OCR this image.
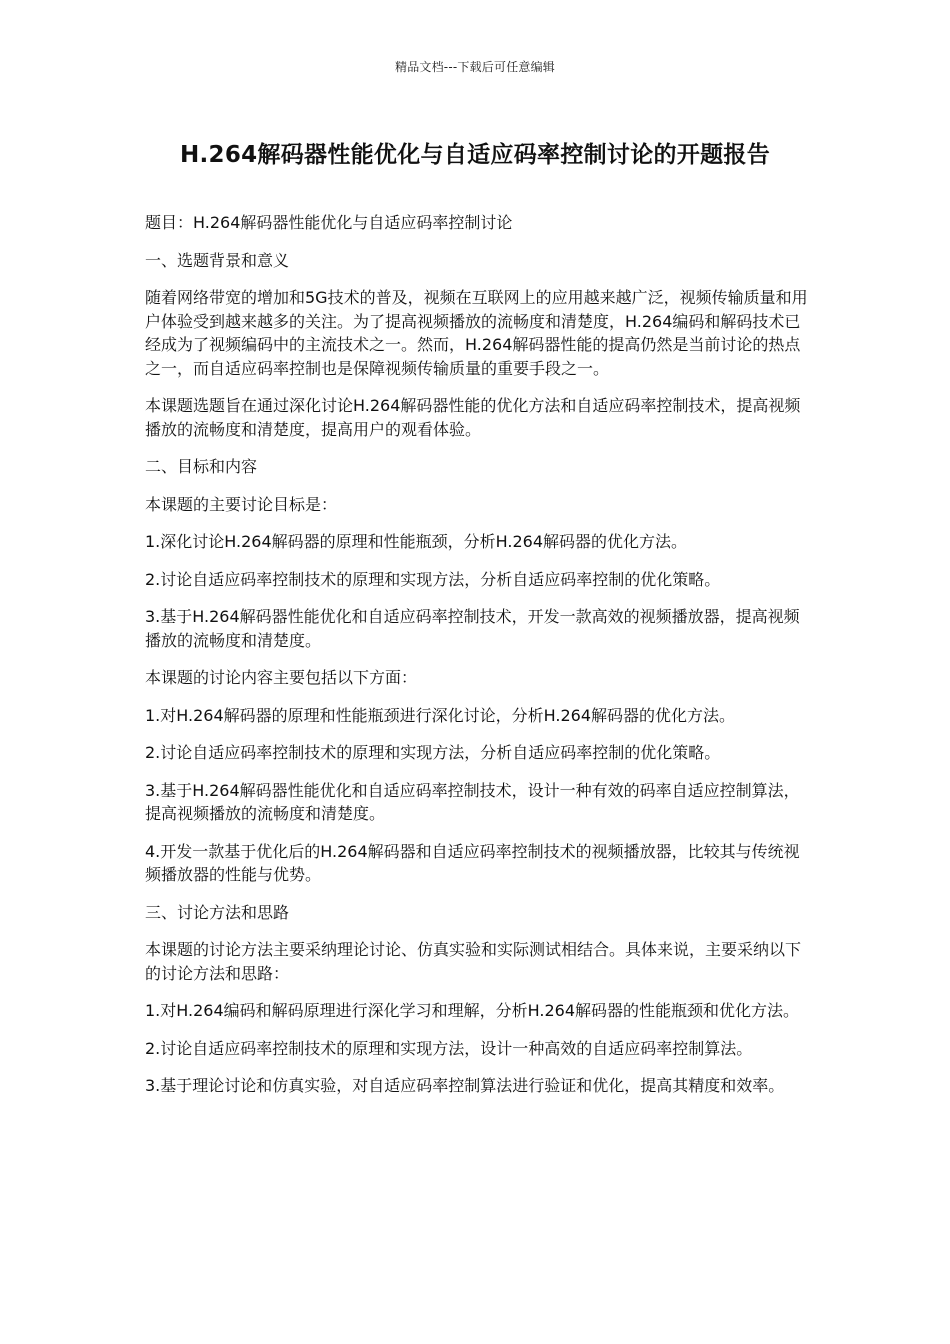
精品文档---下载后可任意编辑
H.264解码器性能优化与自适应码率控制讨论的开题报告

题目：H.264解码器性能优化与自适应码率控制讨论

一、选题背景和意义

随着网络带宽的增加和5G技术的普及，视频在互联网上的应用越来越广泛，视频传输质量和用户体验受到越来越多的关注。为了提高视频播放的流畅度和清楚度，H.264编码和解码技术已经成为了视频编码中的主流技术之一。然而，H.264解码器性能的提高仍然是当前讨论的热点之一，而自适应码率控制也是保障视频传输质量的重要手段之一。

本课题选题旨在通过深化讨论H.264解码器性能的优化方法和自适应码率控制技术，提高视频播放的流畅度和清楚度，提高用户的观看体验。

二、目标和内容

本课题的主要讨论目标是：

1.深化讨论H.264解码器的原理和性能瓶颈，分析H.264解码器的优化方法。

2.讨论自适应码率控制技术的原理和实现方法，分析自适应码率控制的优化策略。

3.基于H.264解码器性能优化和自适应码率控制技术，开发一款高效的视频播放器，提高视频播放的流畅度和清楚度。

本课题的讨论内容主要包括以下方面：

1.对H.264解码器的原理和性能瓶颈进行深化讨论，分析H.264解码器的优化方法。

2.讨论自适应码率控制技术的原理和实现方法，分析自适应码率控制的优化策略。

3.基于H.264解码器性能优化和自适应码率控制技术，设计一种有效的码率自适应控制算法，提高视频播放的流畅度和清楚度。

4.开发一款基于优化后的H.264解码器和自适应码率控制技术的视频播放器，比较其与传统视频播放器的性能与优势。

三、讨论方法和思路

本课题的讨论方法主要采纳理论讨论、仿真实验和实际测试相结合。具体来说，主要采纳以下的讨论方法和思路：

1.对H.264编码和解码原理进行深化学习和理解，分析H.264解码器的性能瓶颈和优化方法。

2.讨论自适应码率控制技术的原理和实现方法，设计一种高效的自适应码率控制算法。

3.基于理论讨论和仿真实验，对自适应码率控制算法进行验证和优化，提高其精度和效率。
